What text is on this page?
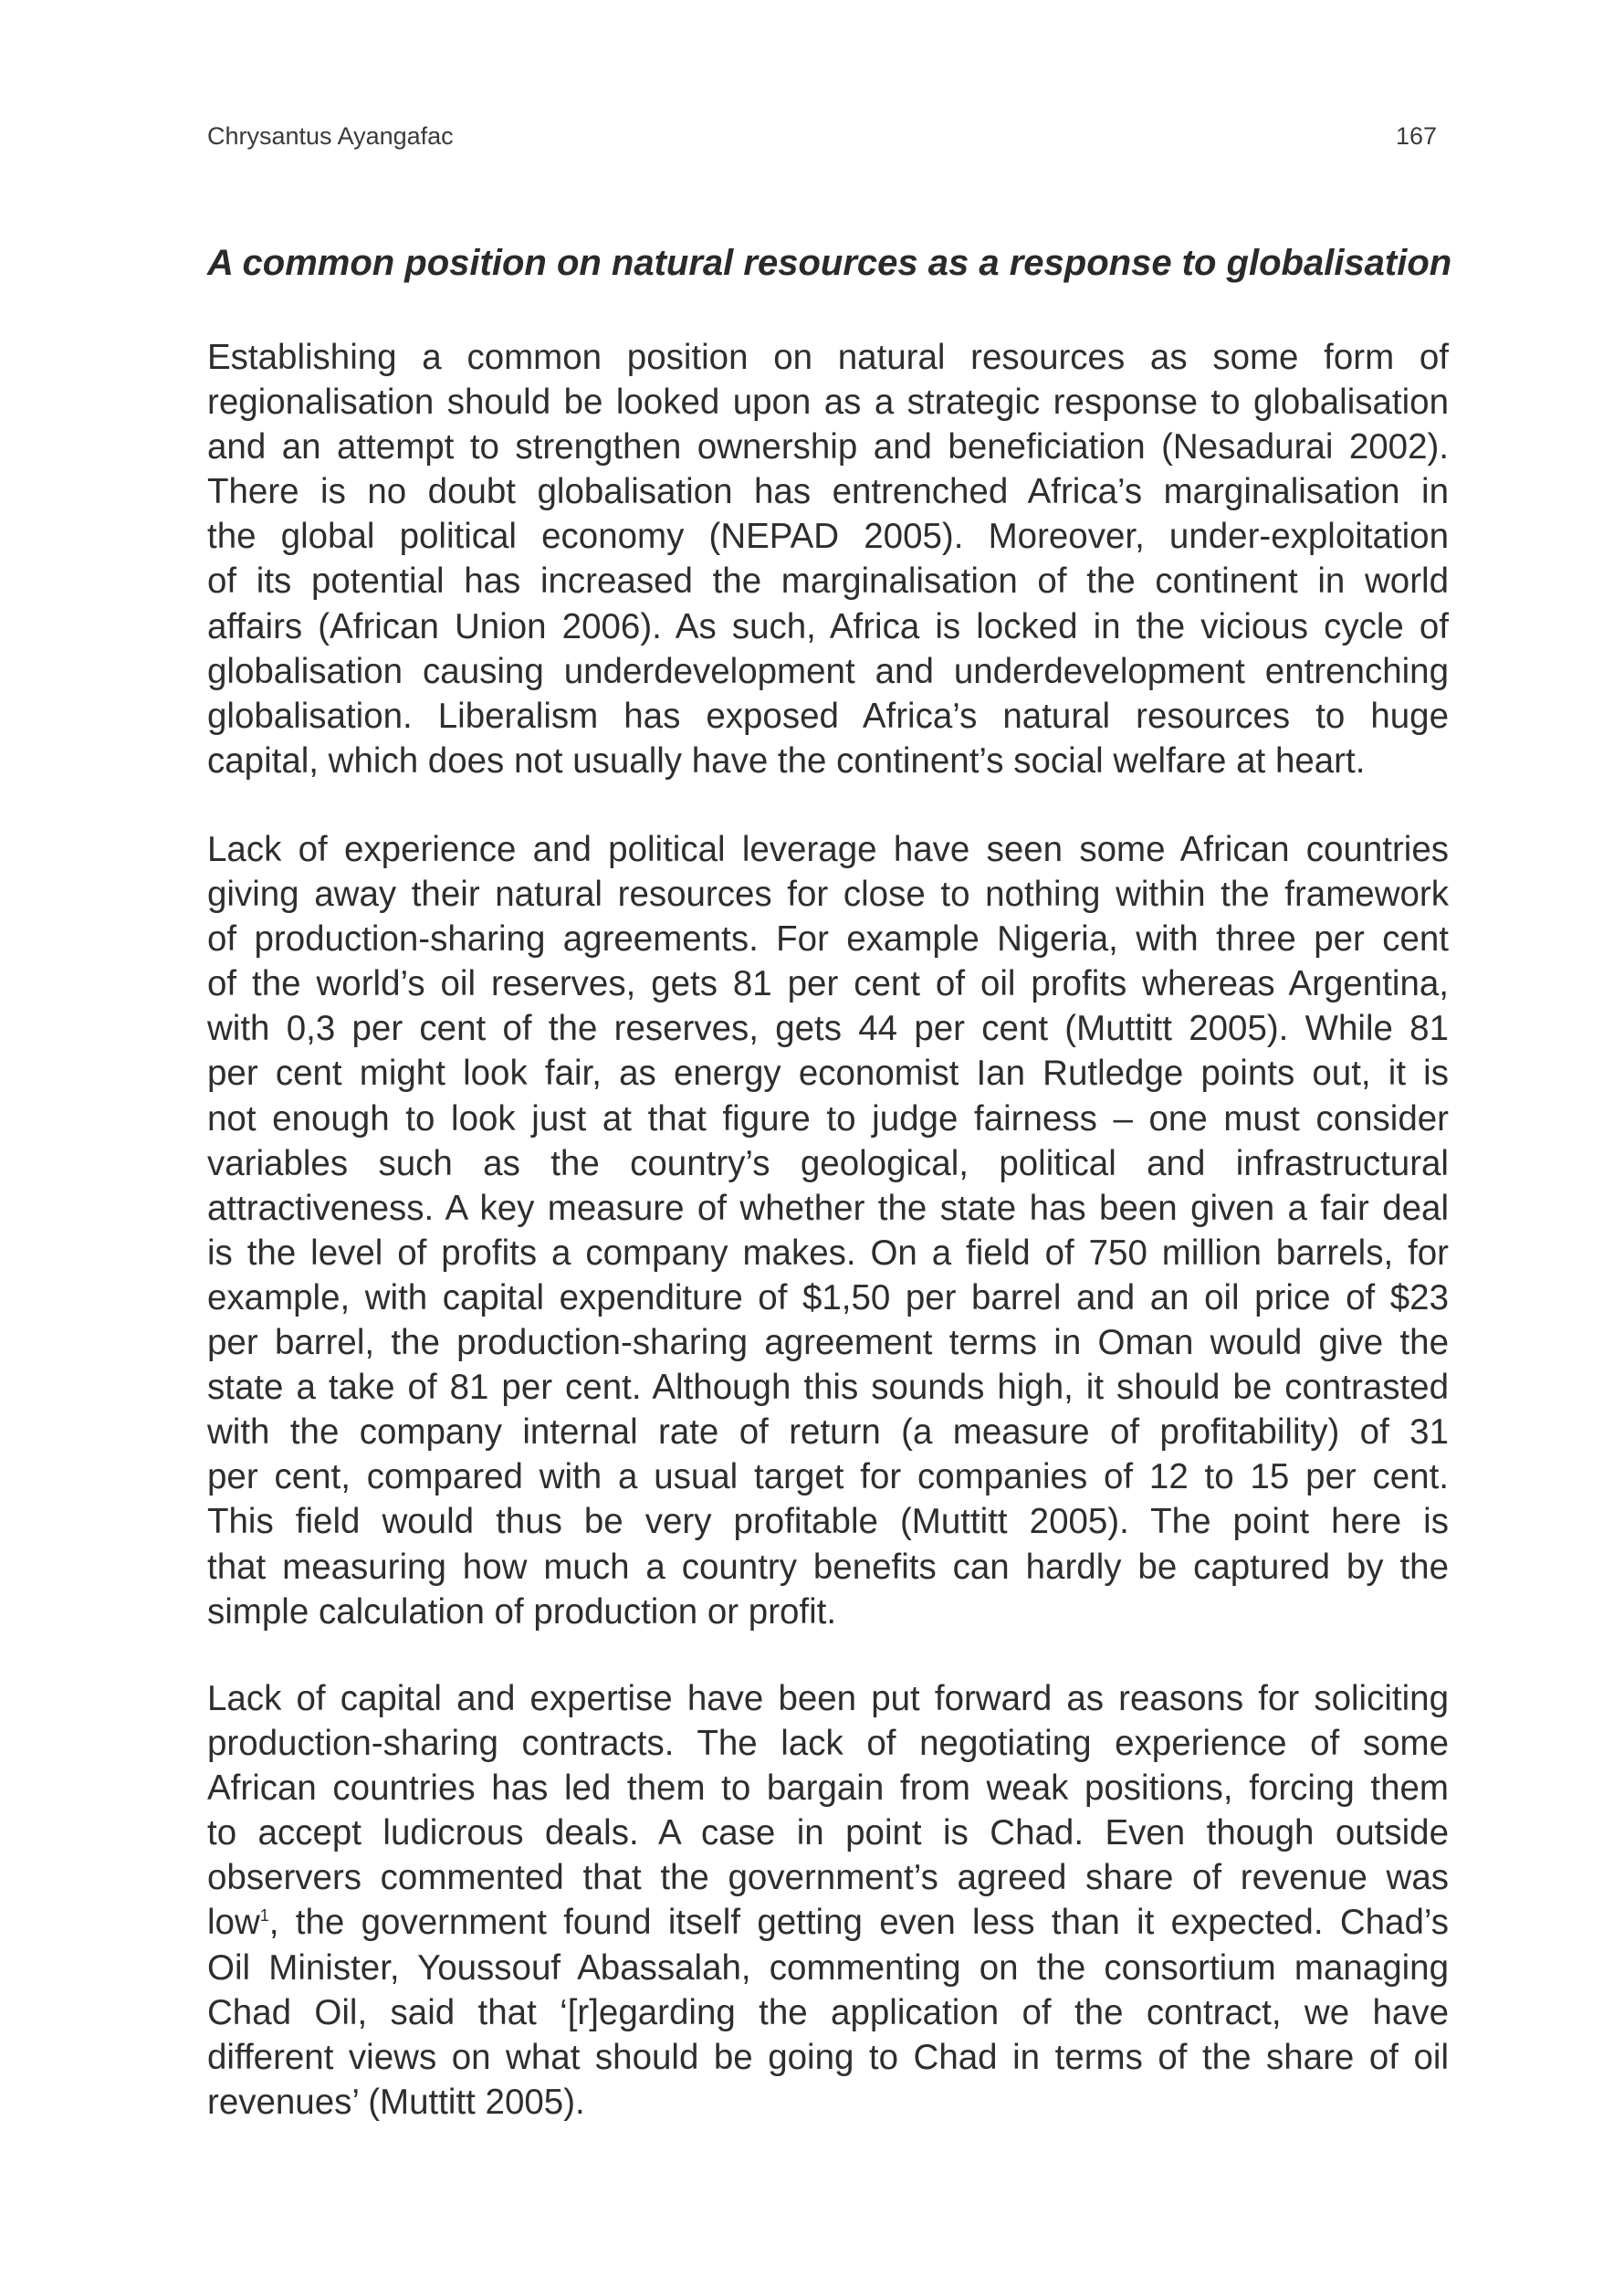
Chrysantus Ayangafac	167
A common position on natural resources as a response to globalisation
Establishing a common position on natural resources as some form of
regionalisation should be looked upon as a strategic response to globalisation
and an attempt to strengthen ownership and beneficiation (Nesadurai 2002).
There is no doubt globalisation has entrenched Africa’s marginalisation in
the global political economy (NEPAD 2005). Moreover, under-exploitation
of its potential has increased the marginalisation of the continent in world
affairs (African Union 2006). As such, Africa is locked in the vicious cycle of
globalisation causing underdevelopment and underdevelopment entrenching
globalisation. Liberalism has exposed Africa’s natural resources to huge
capital, which does not usually have the continent’s social welfare at heart.
Lack of experience and political leverage have seen some African countries
giving away their natural resources for close to nothing within the framework
of production-sharing agreements. For example Nigeria, with three per cent
of the world’s oil reserves, gets 81 per cent of oil profits whereas Argentina,
with 0,3 per cent of the reserves, gets 44 per cent (Muttitt 2005). While 81
per cent might look fair, as energy economist Ian Rutledge points out, it is
not enough to look just at that figure to judge fairness – one must consider
variables such as the country’s geological, political and infrastructural
attractiveness. A key measure of whether the state has been given a fair deal
is the level of profits a company makes. On a field of 750 million barrels, for
example, with capital expenditure of $1,50 per barrel and an oil price of $23
per barrel, the production-sharing agreement terms in Oman would give the
state a take of 81 per cent. Although this sounds high, it should be contrasted
with the company internal rate of return (a measure of profitability) of 31
per cent, compared with a usual target for companies of 12 to 15 per cent.
This field would thus be very profitable (Muttitt 2005). The point here is
that measuring how much a country benefits can hardly be captured by the
simple calculation of production or profit.
Lack of capital and expertise have been put forward as reasons for soliciting
production-sharing contracts. The lack of negotiating experience of some
African countries has led them to bargain from weak positions, forcing them
to accept ludicrous deals. A case in point is Chad. Even though outside
observers commented that the government’s agreed share of revenue was
low$^1$, the government found itself getting even less than it expected. Chad’s
Oil Minister, Youssouf Abassalah, commenting on the consortium managing
Chad Oil, said that ‘[r]egarding the application of the contract, we have
different views on what should be going to Chad in terms of the share of oil
revenues’ (Muttitt 2005).
